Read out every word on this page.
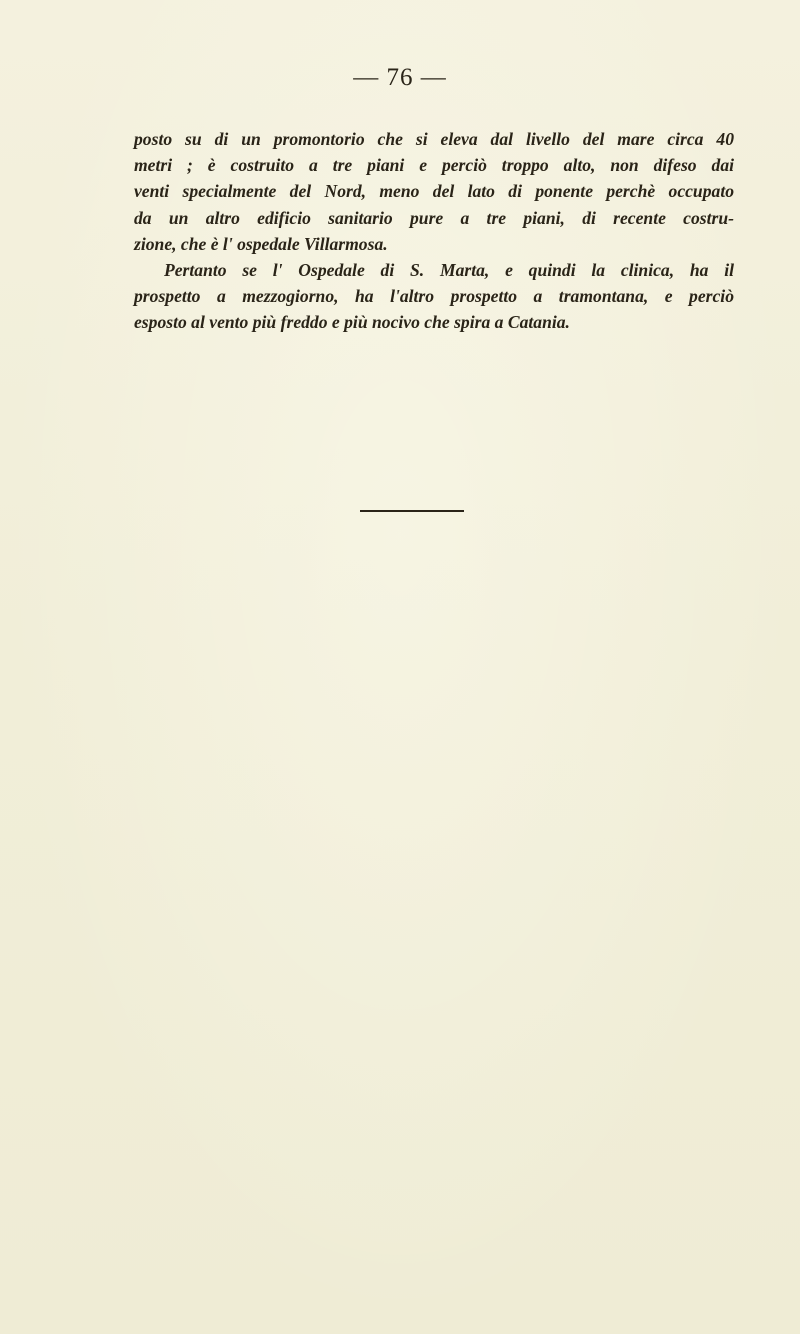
— 76 —
posto su di un promontorio che si eleva dal livello del mare circa 40
metri ; è costruito a tre piani e perciò troppo alto, non difeso dai
venti specialmente del Nord, meno del lato di ponente perchè occupato
da un altro edificio sanitario pure a tre piani, di recente costru-
zione, che è l' ospedale Villarmosa.
Pertanto se l' Ospedale di S. Marta, e quindi la clinica, ha il
prospetto a mezzogiorno, ha l'altro prospetto a tramontana, e perciò
esposto al vento più freddo e più nocivo che spira a Catania.
